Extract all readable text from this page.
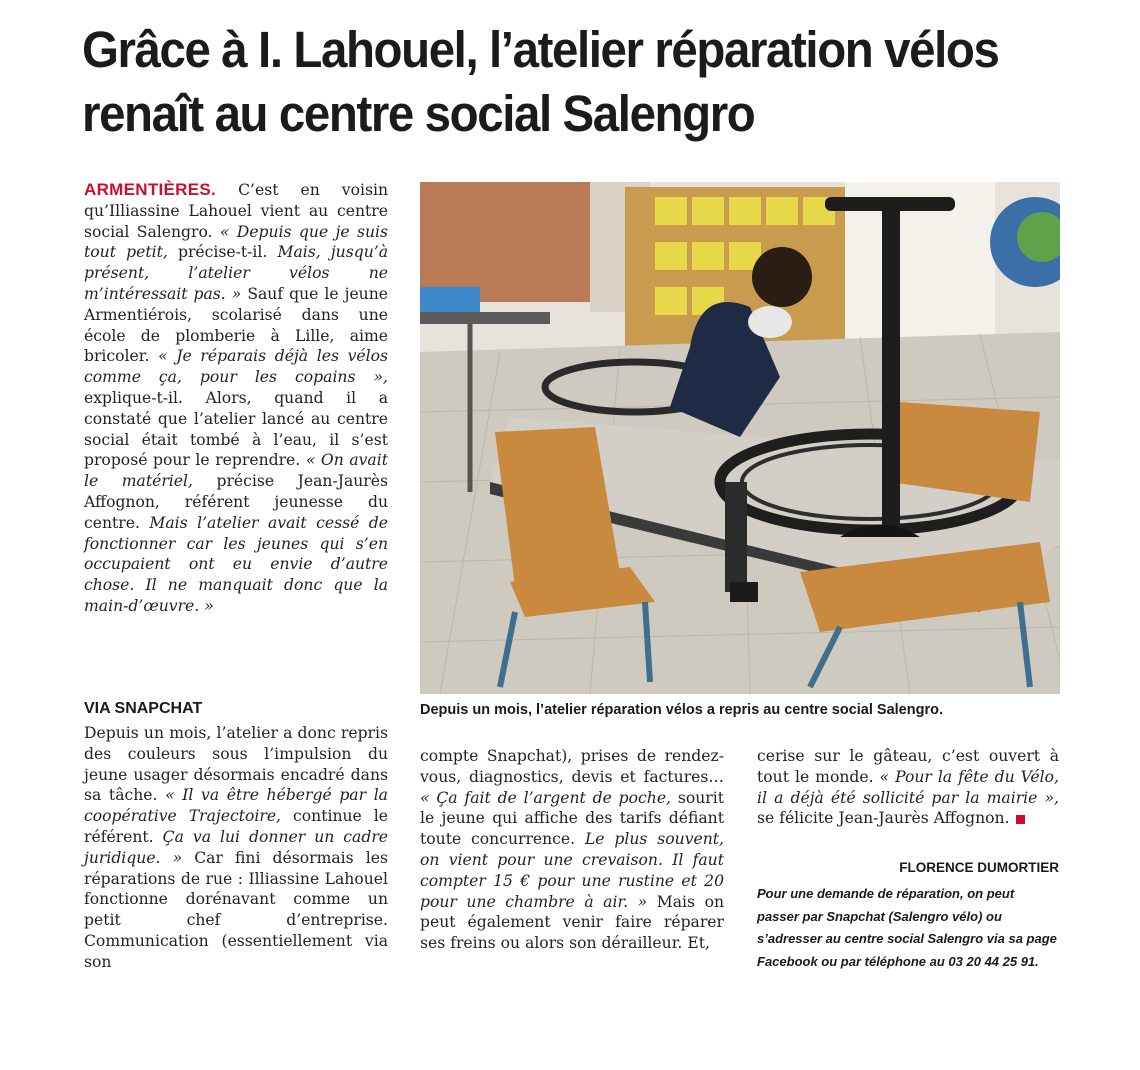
Grâce à I. Lahouel, l’atelier réparation vélos renaît au centre social Salengro

ARMENTIÈRES. C’est en voisin qu’Illiassine Lahouel vient au centre social Salengro. « Depuis que je suis tout petit, précise-t-il. Mais, jusqu’à présent, l’atelier vélos ne m’intéressait pas. » Sauf que le jeune Armentiérois, scolarisé dans une école de plomberie à Lille, aime bricoler. « Je réparais déjà les vélos comme ça, pour les copains », explique-t-il. Alors, quand il a constaté que l’atelier lancé au centre social était tombé à l’eau, il s’est proposé pour le reprendre. « On avait le matériel, précise Jean-Jaurès Affognon, référent jeunesse du centre. Mais l’atelier avait cessé de fonctionner car les jeunes qui s’en occupaient ont eu envie d’autre chose. Il ne manquait donc que la main-d’œuvre. »

Depuis un mois, l’atelier réparation vélos a repris au centre social Salengro.

VIA SNAPCHAT

Depuis un mois, l’atelier a donc repris des couleurs sous l’impulsion du jeune usager désormais encadré dans sa tâche. « Il va être hébergé par la coopérative Trajectoire, continue le référent. Ça va lui donner un cadre juridique. » Car fini désormais les réparations de rue : Illiassine Lahouel fonctionne dorénavant comme un petit chef d’entreprise. Communication (essentiellement via son

compte Snapchat), prises de rendez-vous, diagnostics, devis et factures… « Ça fait de l’argent de poche, sourit le jeune qui affiche des tarifs défiant toute concurrence. Le plus souvent, on vient pour une crevaison. Il faut compter 15 € pour une rustine et 20 pour une chambre à air. » Mais on peut également venir faire réparer ses freins ou alors son dérailleur. Et,

cerise sur le gâteau, c’est ouvert à tout le monde. « Pour la fête du Vélo, il a déjà été sollicité par la mairie », se félicite Jean-Jaurès Affognon.

FLORENCE DUMORTIER

Pour une demande de réparation, on peut passer par Snapchat (Salengro vélo) ou s’adresser au centre social Salengro via sa page Facebook ou par téléphone au 03 20 44 25 91.
